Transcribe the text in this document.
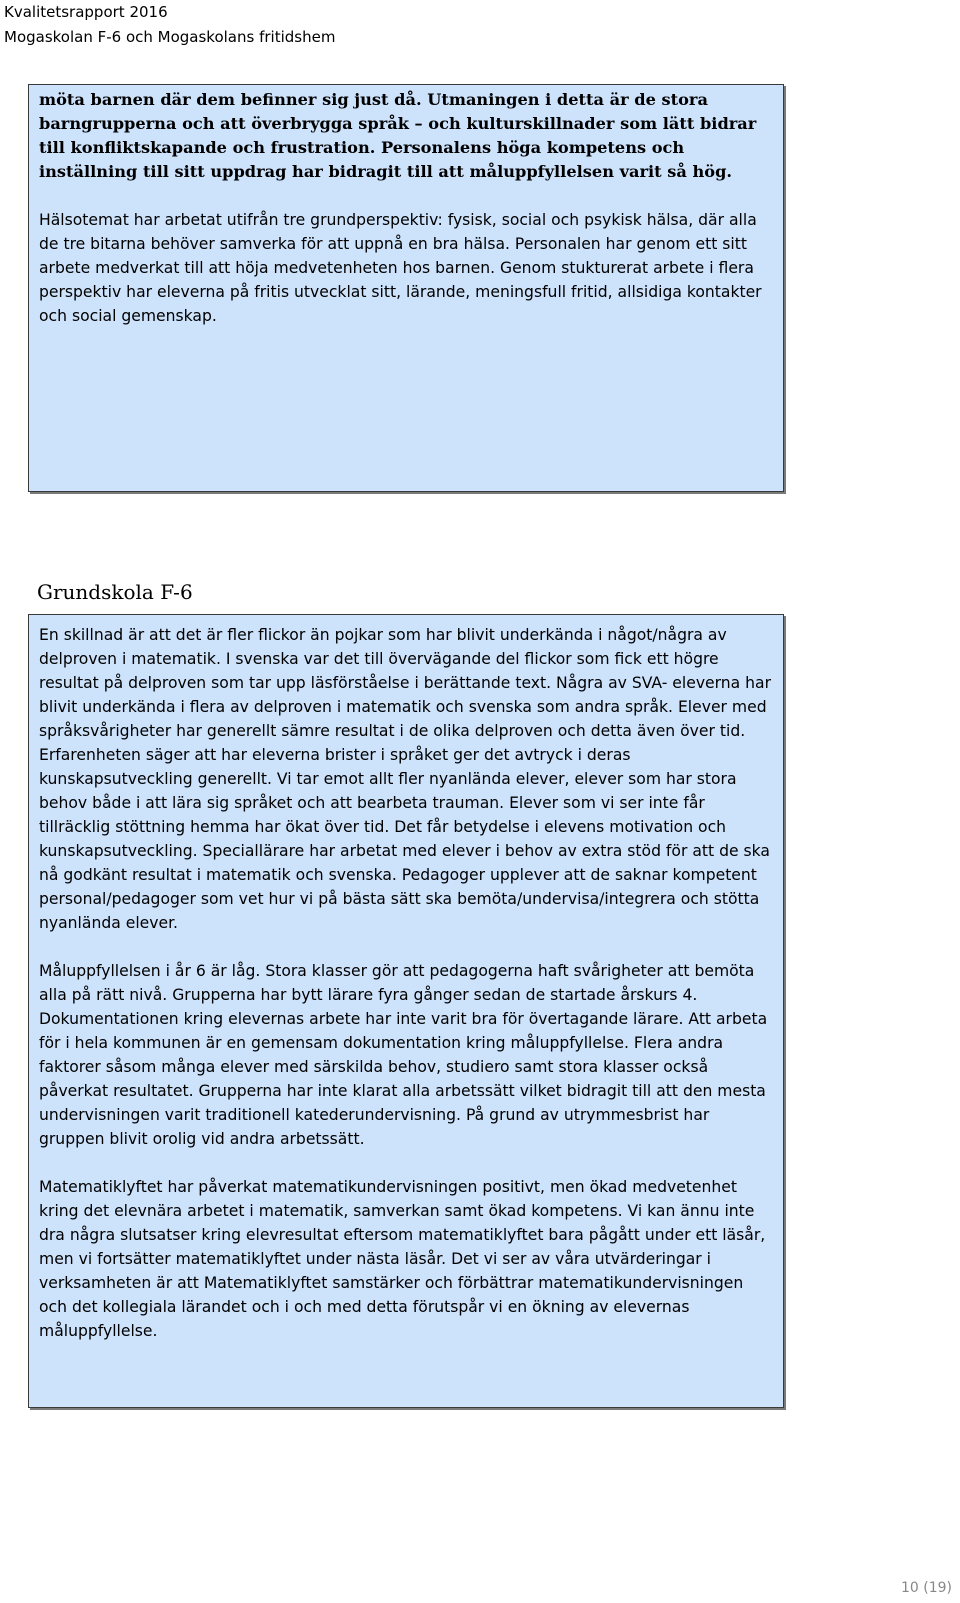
Kvalitetsrapport 2016
Mogaskolan F-6 och Mogaskolans fritidshem

möta barnen där dem befinner sig just då. Utmaningen i detta är de stora barngrupperna och att överbrygga språk – och kulturskillnader som lätt bidrar till konfliktskapande och frustration. Personalens höga kompetens och inställning till sitt uppdrag har bidragit till att måluppfyllelsen varit så hög.

Hälsotemat har arbetat utifrån tre grundperspektiv: fysisk, social och psykisk hälsa, där alla de tre bitarna behöver samverka för att uppnå en bra hälsa. Personalen har genom ett sitt arbete medverkat till att höja medvetenheten hos barnen. Genom stukturerat arbete i flera perspektiv har eleverna på fritis utvecklat sitt, lärande, meningsfull fritid, allsidiga kontakter och social gemenskap.

Grundskola F-6

En skillnad är att det är fler flickor än pojkar som har blivit underkända i något/några av delproven i matematik. I svenska var det till övervägande del flickor som fick ett högre resultat på delproven som tar upp läsförståelse i berättande text. Några av SVA- eleverna har blivit underkända i flera av delproven i matematik och svenska som andra språk. Elever med språksvårigheter har generellt sämre resultat i de olika delproven och detta även över tid. Erfarenheten säger att har eleverna brister i språket ger det avtryck i deras kunskapsutveckling generellt. Vi tar emot allt fler nyanlända elever, elever som har stora behov både i att lära sig språket och att bearbeta trauman. Elever som vi ser inte får tillräcklig stöttning hemma har ökat över tid. Det får betydelse i elevens motivation och kunskapsutveckling. Speciallärare har arbetat med elever i behov av extra stöd för att de ska nå godkänt resultat i matematik och svenska. Pedagoger upplever att de saknar kompetent personal/pedagoger som vet hur vi på bästa sätt ska bemöta/undervisa/integrera och stötta nyanlända elever.

Måluppfyllelsen i år 6 är låg. Stora klasser gör att pedagogerna haft svårigheter att bemöta alla på rätt nivå. Grupperna har bytt lärare fyra gånger sedan de startade årskurs 4. Dokumentationen kring elevernas arbete har inte varit bra för övertagande lärare. Att arbeta för i hela kommunen är en gemensam dokumentation kring måluppfyllelse. Flera andra faktorer såsom många elever med särskilda behov, studiero samt stora klasser också påverkat resultatet. Grupperna har inte klarat alla arbetssätt vilket bidragit till att den mesta undervisningen varit traditionell katederundervisning. På grund av utrymmesbrist har gruppen blivit orolig vid andra arbetssätt.

Matematiklyftet har påverkat matematikundervisningen positivt, men ökad medvetenhet kring det elevnära arbetet i matematik, samverkan samt ökad kompetens. Vi kan ännu inte dra några slutsatser kring elevresultat eftersom matematiklyftet bara pågått under ett läsår, men vi fortsätter matematiklyftet under nästa läsår. Det vi ser av våra utvärderingar i verksamheten är att Matematiklyftet samstärker och förbättrar matematikundervisningen och det kollegiala lärandet och i och med detta förutspår vi en ökning av elevernas måluppfyllelse.

10 (19)
